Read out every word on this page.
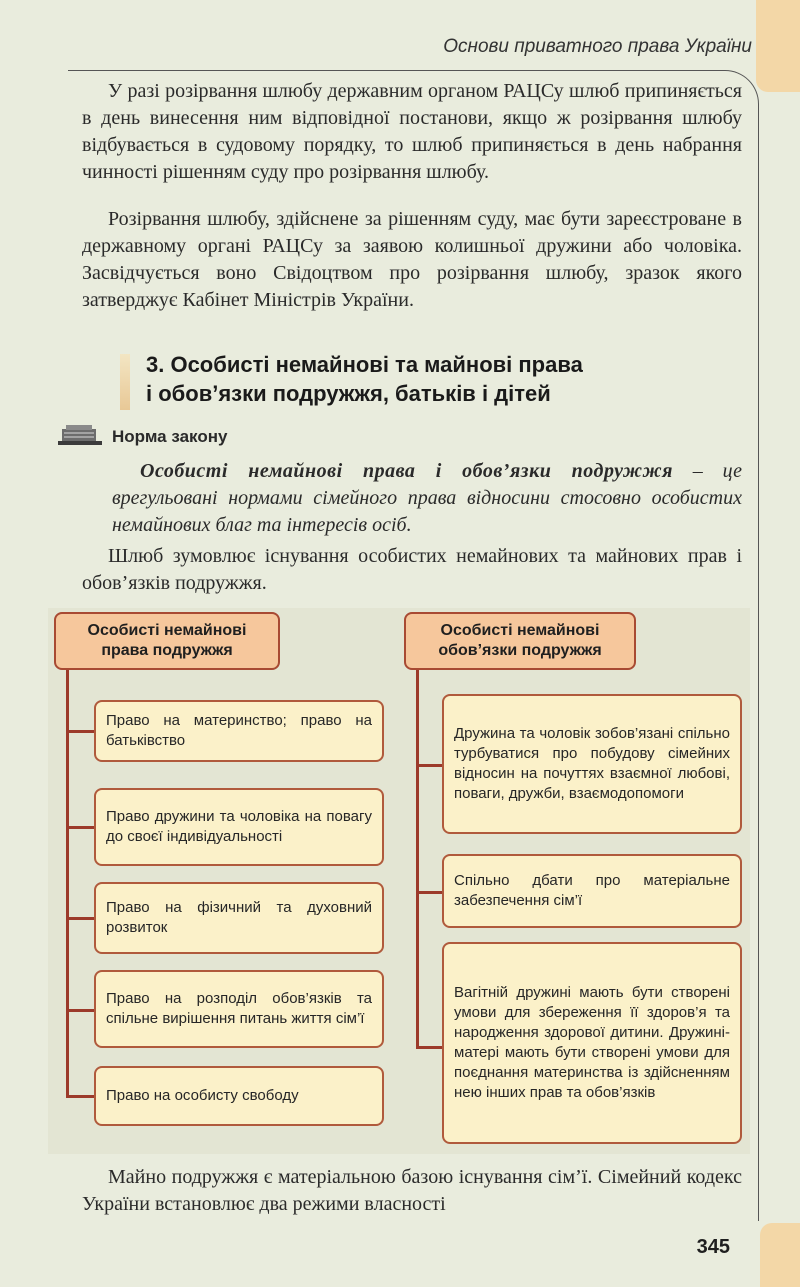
Основи приватного права України

У разі розірвання шлюбу державним органом РАЦСу шлюб припиняється в день винесення ним відповідної постанови, якщо ж розірвання шлюбу відбувається в судовому порядку, то шлюб припиняється в день набрання чинності рішенням суду про розірвання шлюбу.

Розірвання шлюбу, здійснене за рішенням суду, має бути зареєстроване в державному органі РАЦСу за заявою колишньої дружини або чоловіка. Засвідчується воно Свідоцтвом про розірвання шлюбу, зразок якого затверджує Кабінет Міністрів України.

3. Особисті немайнові та майнові права
і обов’язки подружжя, батьків і дітей
Норма закону

Особисті немайнові права і обов’язки подружжя – це врегульовані нормами сімейного права відносини стосовно особистих немайнових благ та інтересів осіб.

Шлюб зумовлює існування особистих немайнових та майнових прав і обов’язків подружжя.

Особисті немайнові права подружжя
Особисті немайнові обов’язки подружжя
Право на материнство; право на батьківство
Право дружини та чоловіка на повагу до своєї індивідуальності
Право на фізичний та духовний розвиток
Право на розподіл обов’язків та спільне вирішення питань життя сім’ї
Право на особисту свободу
Дружина та чоловік зобов’язані спільно турбуватися про побудову сімейних відносин на почуттях взаємної любові, поваги, дружби, взаємодопомоги
Спільно дбати про матеріальне забезпечення сім’ї
Вагітній дружині мають бути створені умови для збереження її здоров’я та народження здорової дитини. Дружині-матері мають бути створені умови для поєднання материнства із здійсненням нею інших прав та обов’язків

Майно подружжя є матеріальною базою існування сім’ї. Сімейний кодекс України встановлює два режими власності

345
